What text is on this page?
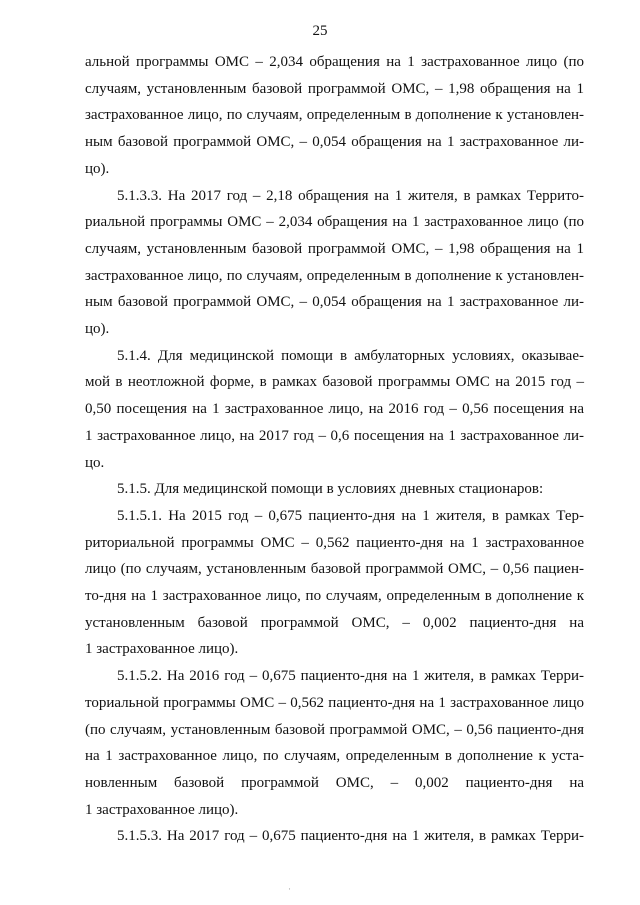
25

альной программы ОМС – 2,034 обращения на 1 застрахованное лицо (по
случаям, установленным базовой программой ОМС, – 1,98 обращения на 1
застрахованное лицо, по случаям, определенным в дополнение к установлен-
ным базовой программой ОМС, – 0,054 обращения на 1 застрахованное ли-
цо).

5.1.3.3. На 2017 год – 2,18 обращения на 1 жителя, в рамках Террито-
риальной программы ОМС – 2,034 обращения на 1 застрахованное лицо (по
случаям, установленным базовой программой ОМС, – 1,98 обращения на 1
застрахованное лицо, по случаям, определенным в дополнение к установлен-
ным базовой программой ОМС, – 0,054 обращения на 1 застрахованное ли-
цо).

5.1.4. Для медицинской помощи в амбулаторных условиях, оказывае-
мой в неотложной форме, в рамках базовой программы ОМС на 2015 год –
0,50 посещения на 1 застрахованное лицо, на 2016 год – 0,56 посещения на
1 застрахованное лицо, на 2017 год – 0,6 посещения на 1 застрахованное ли-
цо.

5.1.5. Для медицинской помощи в условиях дневных стационаров:

5.1.5.1. На 2015 год – 0,675 пациенто-дня на 1 жителя, в рамках Тер-
риториальной программы ОМС – 0,562 пациенто-дня на 1 застрахованное
лицо (по случаям, установленным базовой программой ОМС, – 0,56 пациен-
то-дня на 1 застрахованное лицо, по случаям, определенным в дополнение к
установленным базовой программой ОМС, – 0,002 пациенто-дня на
1 застрахованное лицо).

5.1.5.2. На 2016 год – 0,675 пациенто-дня на 1 жителя, в рамках Терри-
ториальной программы ОМС – 0,562 пациенто-дня на 1 застрахованное лицо
(по случаям, установленным базовой программой ОМС, – 0,56 пациенто-дня
на 1 застрахованное лицо, по случаям, определенным в дополнение к уста-
новленным базовой программой ОМС, – 0,002 пациенто-дня на
1 застрахованное лицо).

5.1.5.3. На 2017 год – 0,675 пациенто-дня на 1 жителя, в рамках Терри-

·
